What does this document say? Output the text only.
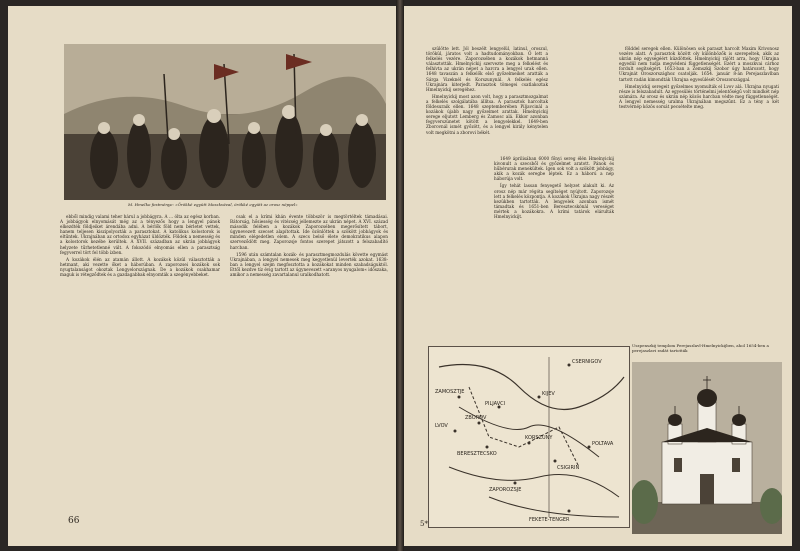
M. Hmelko festménye: »Örökké együtt Moszkvával, örökké együtt az orosz néppel«

ebből mindig valami teher hárul a jobbágyra. A ... ólta az egész korban. A jobbágyok elnyomását még az a tényezős hogy a lengyel pánok elkezdték földjeiket árendába adni. A bérlők föld nem bérletet vettek, hanem teljesen kiszipolyozták a parasztokat. A katolikus kolostorok is eltűntek. Ukrajnában az ortodox egyházat üldözték. Földek a nemesség és a kolostorok kezébe kerültek. A XVII. században az ukrán jobbágyok helyzete tűrhetetlenné vált. A fokozódó elnyomás ellen a parasztság fegyverrel tört fel több ízben.

A kozákok élén az atamán állott. A kozákok közül választották a hetmant, aki vezette őket a háborúban. A zaporozsei kozákok sok nyugtalanságot okoztak Lengyelországnak. De a kozákok csakhamar maguk is rétegződtek és a gazdagabbak elnyomták a szegényebbeket.

csak el a krími khán évente többször is megtörtéltek támadásai. Bátorság, hősiesség és vitézség jellemezte az ukrán népet. A XVI. század második felében a kozákok Zaporozsében megerősített tábort, úgynevezett szecset alapítottak. Ide özönlöttek a szökött jobbágyok és minden elégedetlen elem. A szecs belső élete demokratikus alapon szerveződött meg. Zaporozsje fontos szerepet játszott a felszabadító harcban.

1596 után számtalan kozák- és parasztmegmozdulás követte egymást Ukrajnában, a lengyel nemesek meg kegyetlenül leverték azokat. 1638-ban a lengyel szejm megfosztotta a kozákokat minden szabadságuktól. Ettől kezdve tíz évig tartott az úgynevezett »aranyos nyugalom« időszaka, amikor a nemesség zavartalanul uralkodhatott.

66

szülötte lett. Jól beszélt lengyelül, latinul, oroszul, törökül, járatos volt a hadtudományokban. Ő lett a felkelés vezére. Zaporozsében a kozákok hetmanná választották. Hmelnyickij szervezte meg a felkelést és felhívta az ukrán népet a harcra a lengyel urak ellen. 1648 tavaszán a felkelők első győzelmeiket aratták a Sárga Vizeknél és Korszunynál. A felkelés egész Ukrajnára kiterjedt. Parasztok tömegei csatlakoztak Hmelnyickij seregéhez.

Hmelnyickij most azon volt, hogy a parasztmozgalmat a felkelés szolgálatába állítsa. A parasztok harcoltak földesuraik ellen. 1648 szeptemberében Piljavcinál a kozákok újabb nagy győzelmet arattak. Hmelnyickij serege eljutott Lemberg és Zamosc alá. Ekkor azonban fegyverszünetet kötött a lengyelekkel. 1649-ben Zborovnál ismét győzött, és a lengyel király kénytelen volt megkötni a zborovi békét.

1649 áprilisában 6000 főnyi sereg élén Hmelnyickij kivonult a szecsből és győzelmet aratott. Pánok és hűbérurak menekültek. Igen sok volt a szökött jobbágy, akik a kozák seregbe léptek. Ez a háború a nép háborúja volt.

Így tehát lassan fenyegető helyzet alakult ki. Az orosz nép már régóta segítséget nyújtott. Zaporozsje lett a felkelés központja. A kozákok Ukrajna nagy részét kezükben tartották. A lengyelek azonban ismét támadtak és 1651-ben Beresztecskónál vereséget mértek a kozákokra. A krími tatárok elárulták Hmelnyickijt.

földdel seregek ellen. Különösen sok paraszt harcolt Maxim Krivonosz vezére alatt. A parasztok között oly különbözők is szerepeltek, akik az ukrán nép egységéért küzdöttek. Hmelnyickij rájött arra, hogy Ukrajna egyedül nem tudja megvédeni függetlenségét. Ezért a moszkvai cárhoz fordult segítségért. 1653-ban a Zemszkij Szobor úgy határozott, hogy Ukrajnát Oroszországhoz csatolják. 1654. január 8-án Perejaszlavlban tartott radán kimondták Ukrajna egyesülését Oroszországgal.

Hmelnyickij seregeit győzelmes nyomulták el Lvov alá. Ukrajna nyugati része is felszabadult. Az egyesülés történelmi jelentőségű volt mindkét nép számára. Az orosz és ukrán nép közös harcban védte meg függetlenségét. A lengyel nemesség uralma Ukrajnában megszűnt. Ez a tény a két testvérnép közös sorsát pecsételte meg.

CSERNIGOV
ZAMOSZTJE
LVOV
KIJEV
KORSZUNY
BERESZTECSKO
POLTAVA
ZBOROV
FEKETE-TENGER
CSIGIRIN
ZAPOROZSJE
PILJAVCI
Uszpenszkij templom Perejaszlavl-Hmelnyickijben, ahol 1654-ben a perejaszlavi radát tartották
5*
